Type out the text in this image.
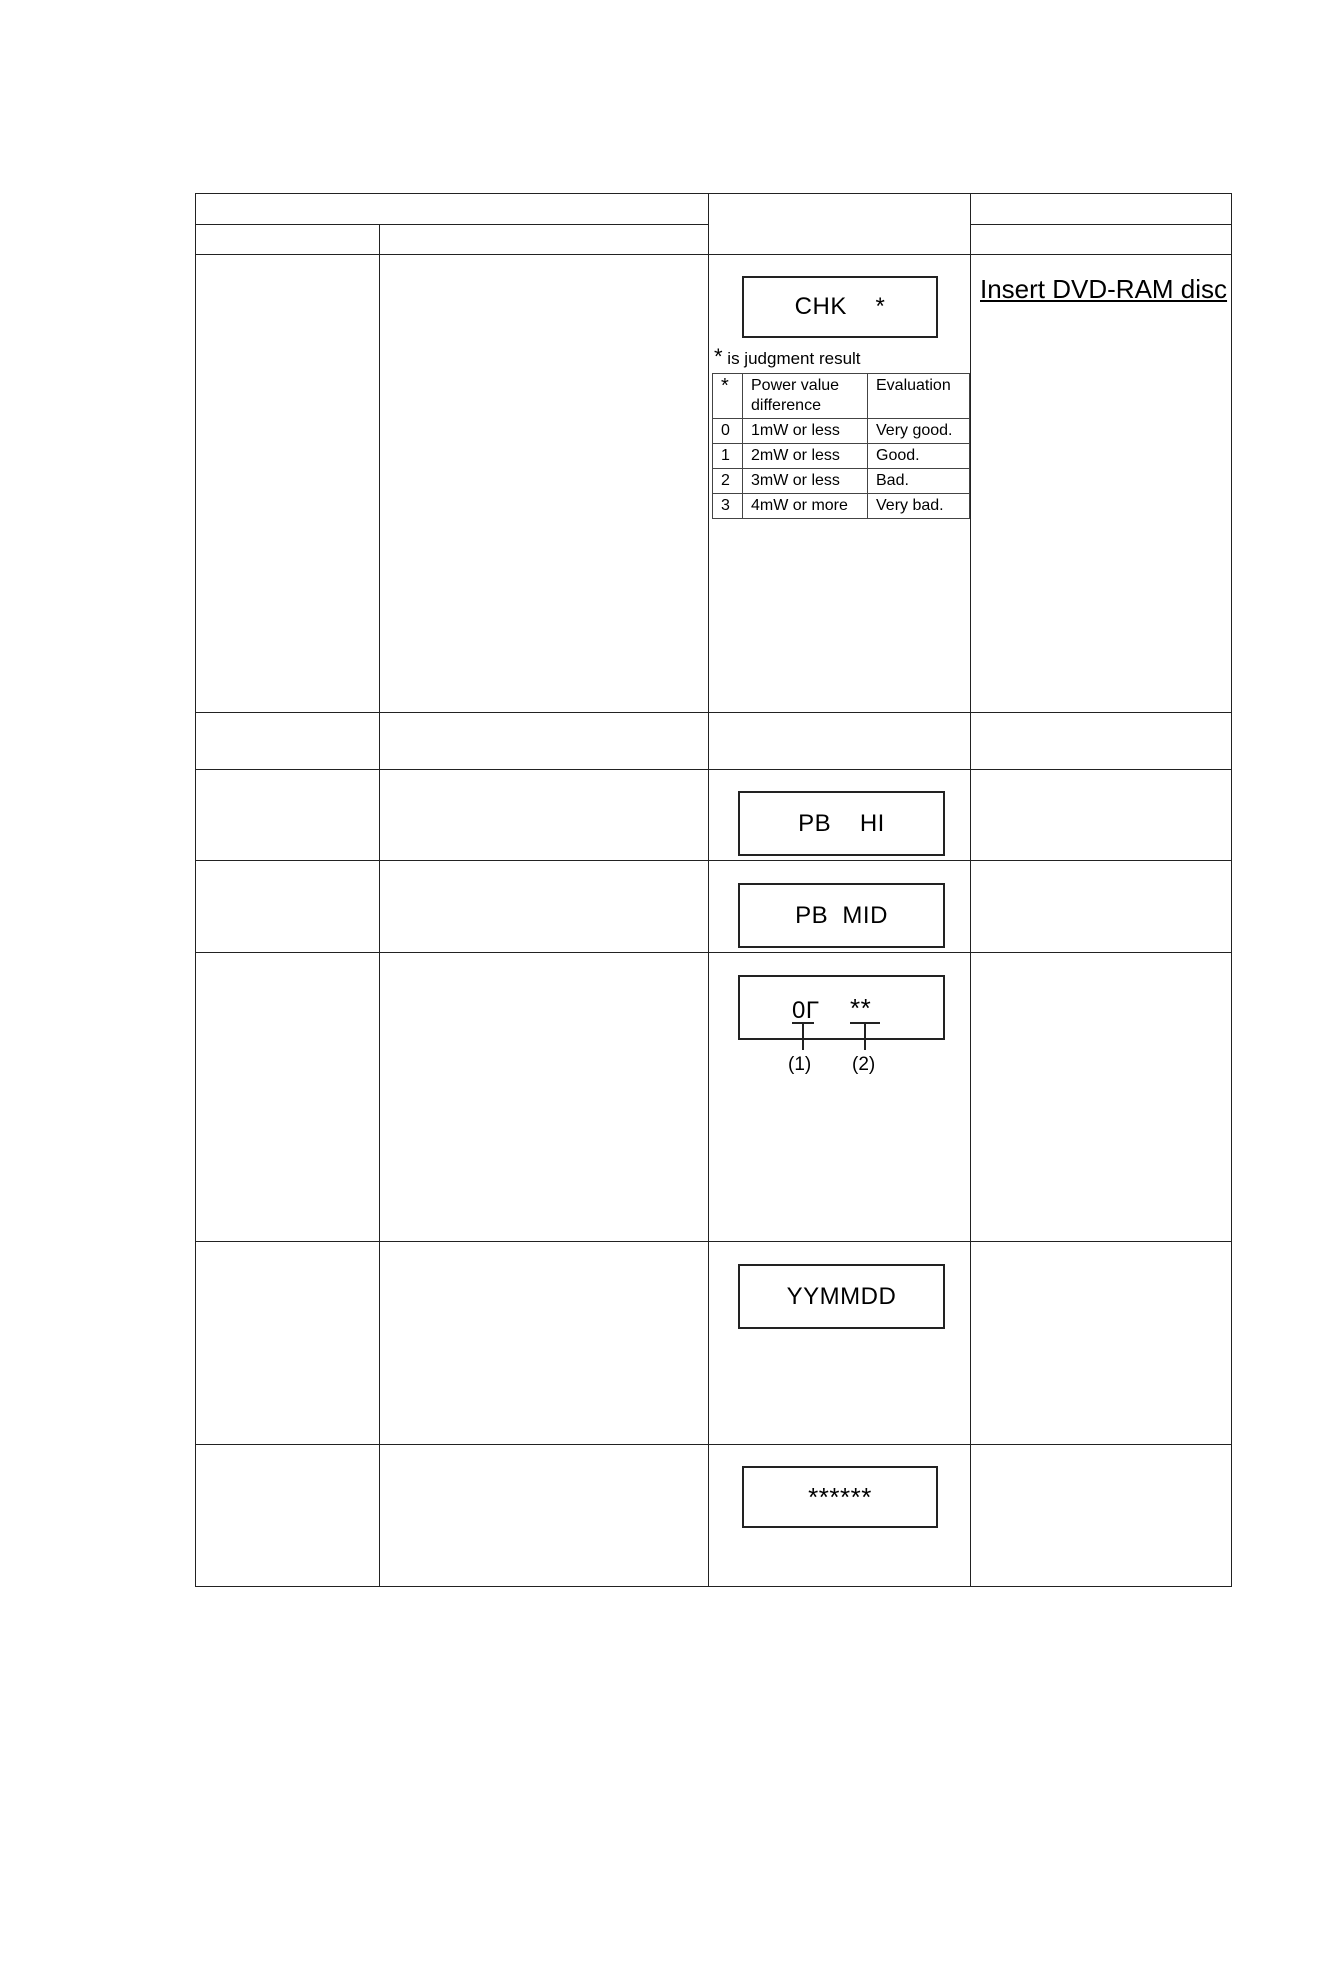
CHK    *
* is judgment result
*	Power value difference	Evaluation
0	1mW or less	Very good.
1	2mW or less	Good.
2	3mW or less	Bad.
3	4mW or more	Very bad.
Insert DVD-RAM disc
PB    HI
PB  MID
0Γ **
(1) (2)
YYMMDD
******
